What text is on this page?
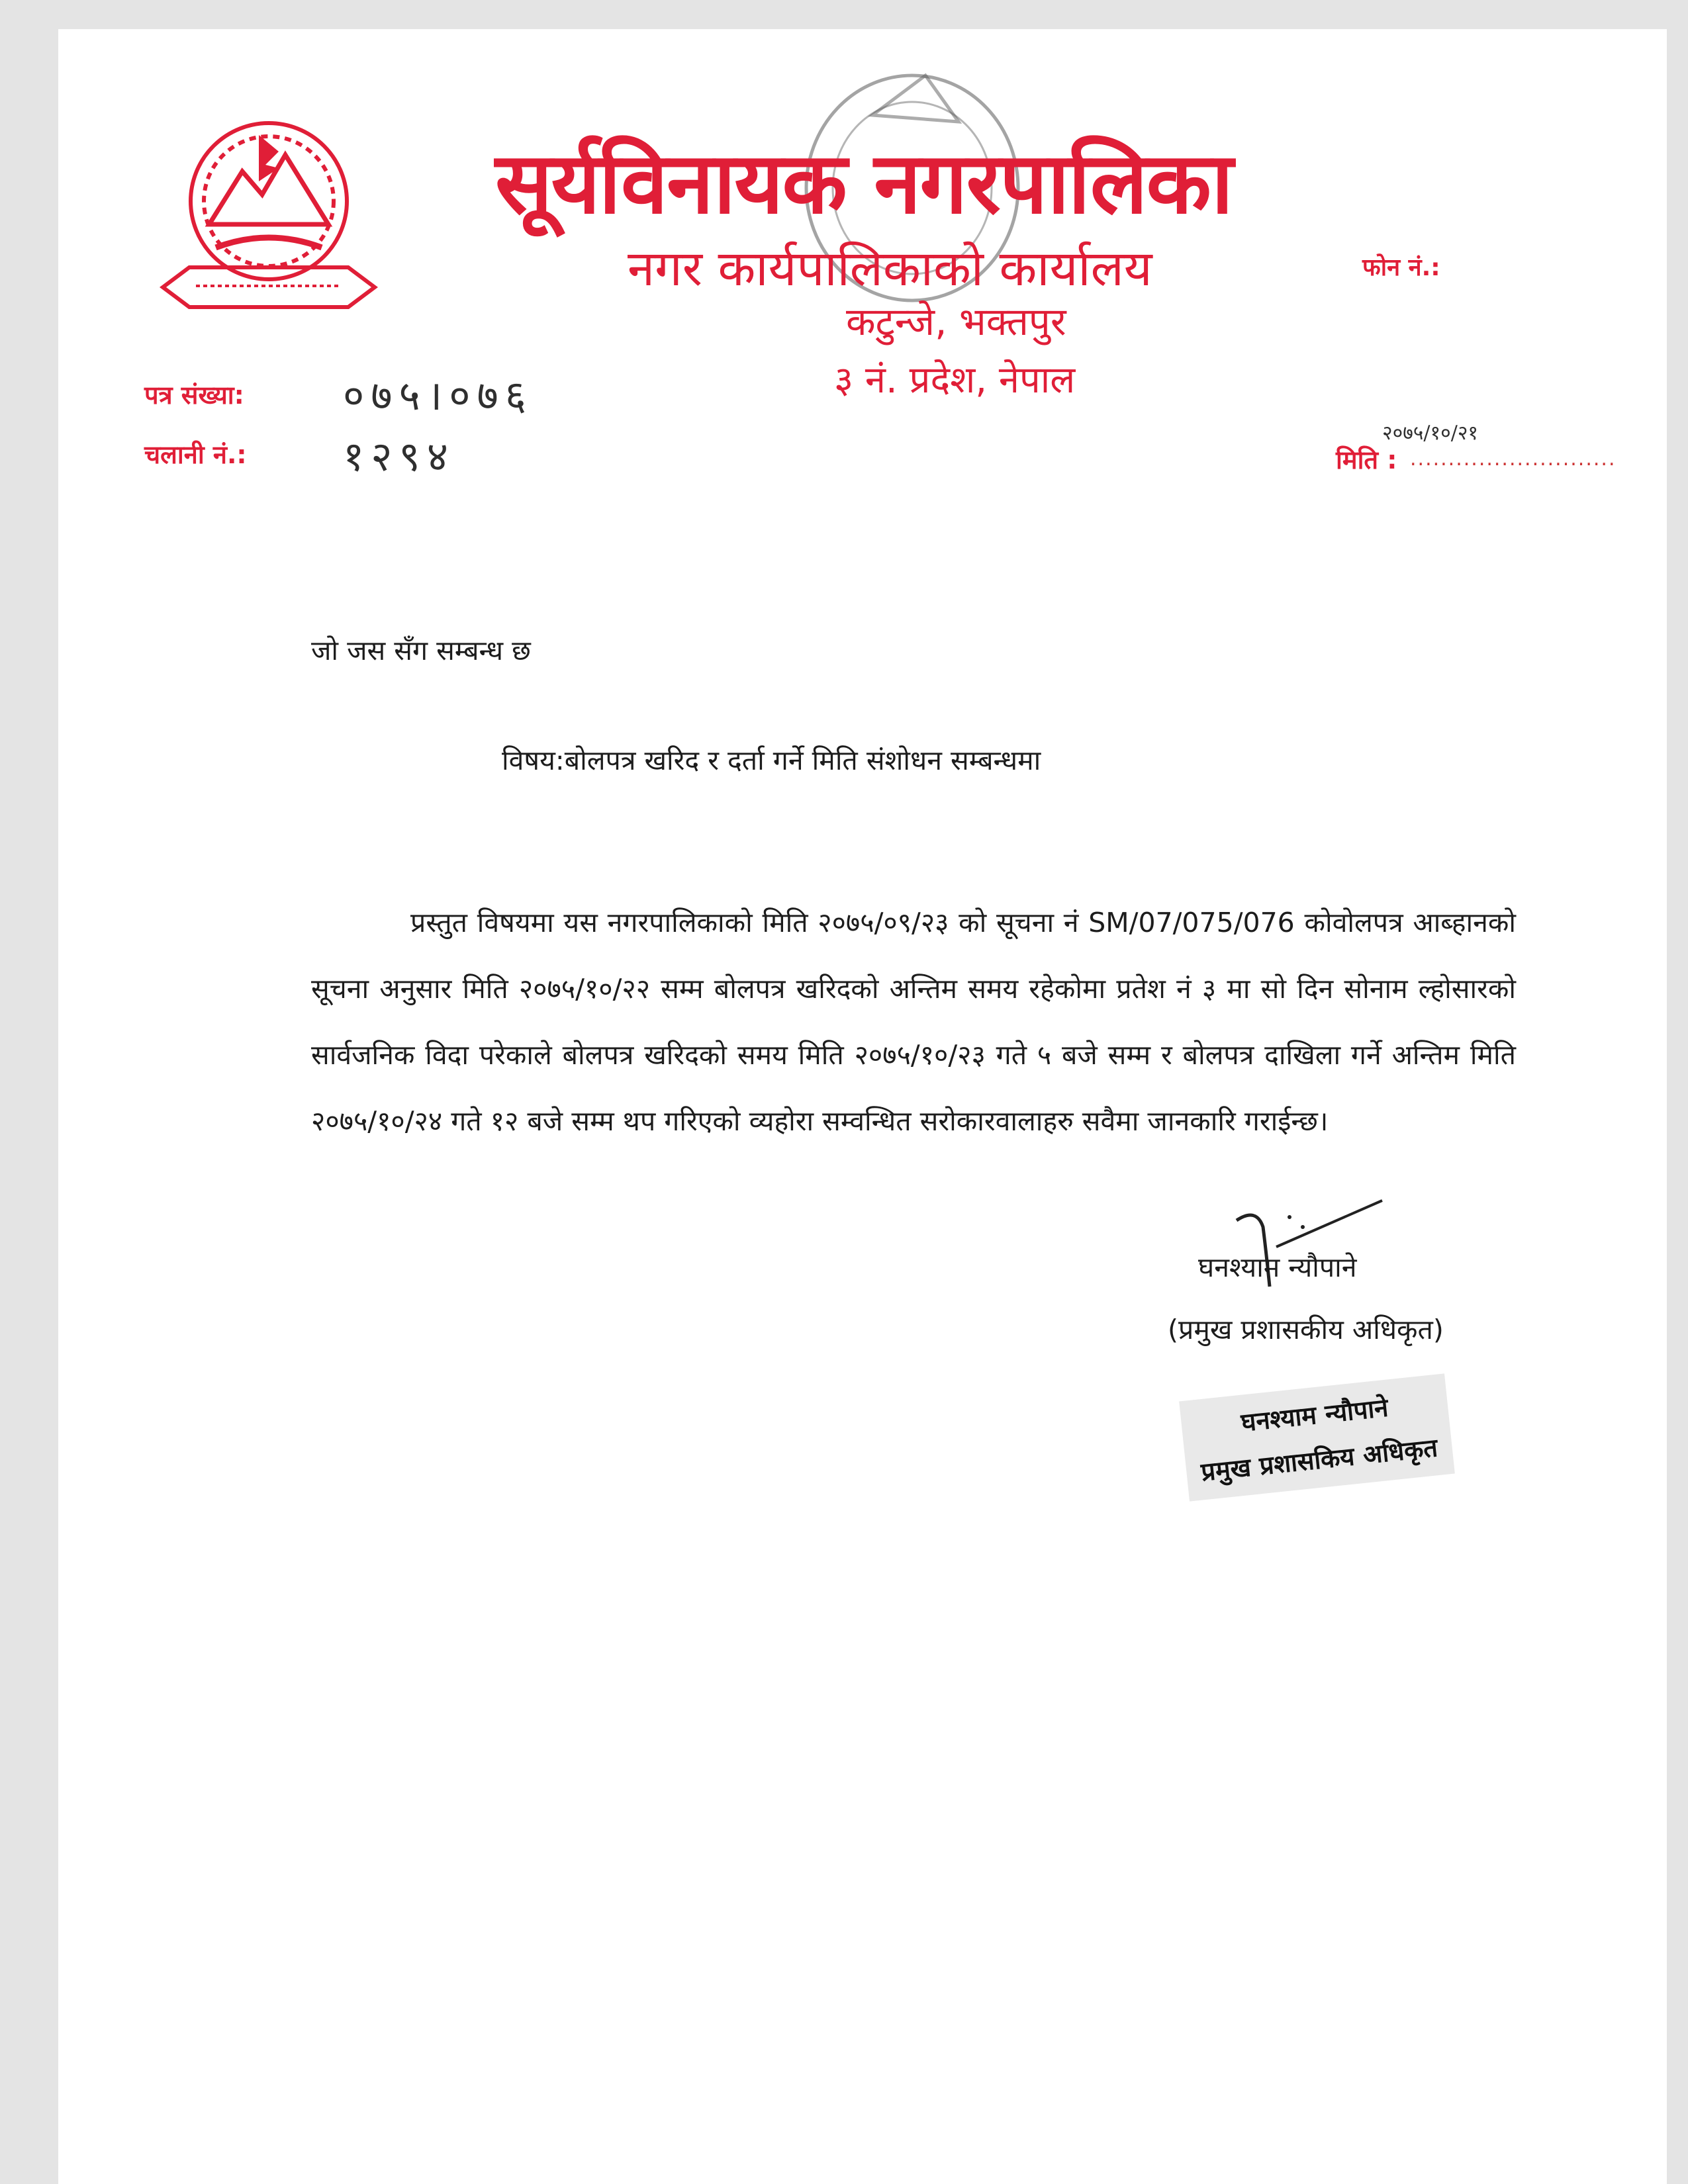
सूर्यविनायक नगरपालिका
नगर कार्यपालिकाको कार्यालय
कटुन्जे, भक्तपुर
३ नं. प्रदेश, नेपाल
फोन नं.:
पत्र संख्या: ०७५।०७६
चलानी नं.: १२९४	मिति : ...........................
२०७५/१०/२१
जो जस सँग सम्बन्ध छ
विषय:बोलपत्र खरिद र दर्ता गर्ने मिति संशोधन सम्बन्धमा
प्रस्तुत विषयमा यस नगरपालिकाको मिति २०७५/०९/२३ को सूचना नं SM/07/075/076 कोवोलपत्र आब्हानको सूचना अनुसार मिति २०७५/१०/२२ सम्म बोलपत्र खरिदको अन्तिम समय रहेकोमा प्रतेश नं ३ मा सो दिन सोनाम ल्होसारको सार्वजनिक विदा परेकाले बोलपत्र खरिदको समय मिति २०७५/१०/२३ गते ५ बजे सम्म र बोलपत्र दाखिला गर्ने अन्तिम मिति २०७५/१०/२४ गते १२ बजे सम्म थप गरिएको व्यहोरा सम्वन्धित सरोकारवालाहरु सवैमा जानकारि गराईन्छ।
घनश्याम न्यौपाने
(प्रमुख प्रशासकीय अधिकृत)
घनश्याम न्यौपाने
प्रमुख प्रशासकिय अधिकृत
